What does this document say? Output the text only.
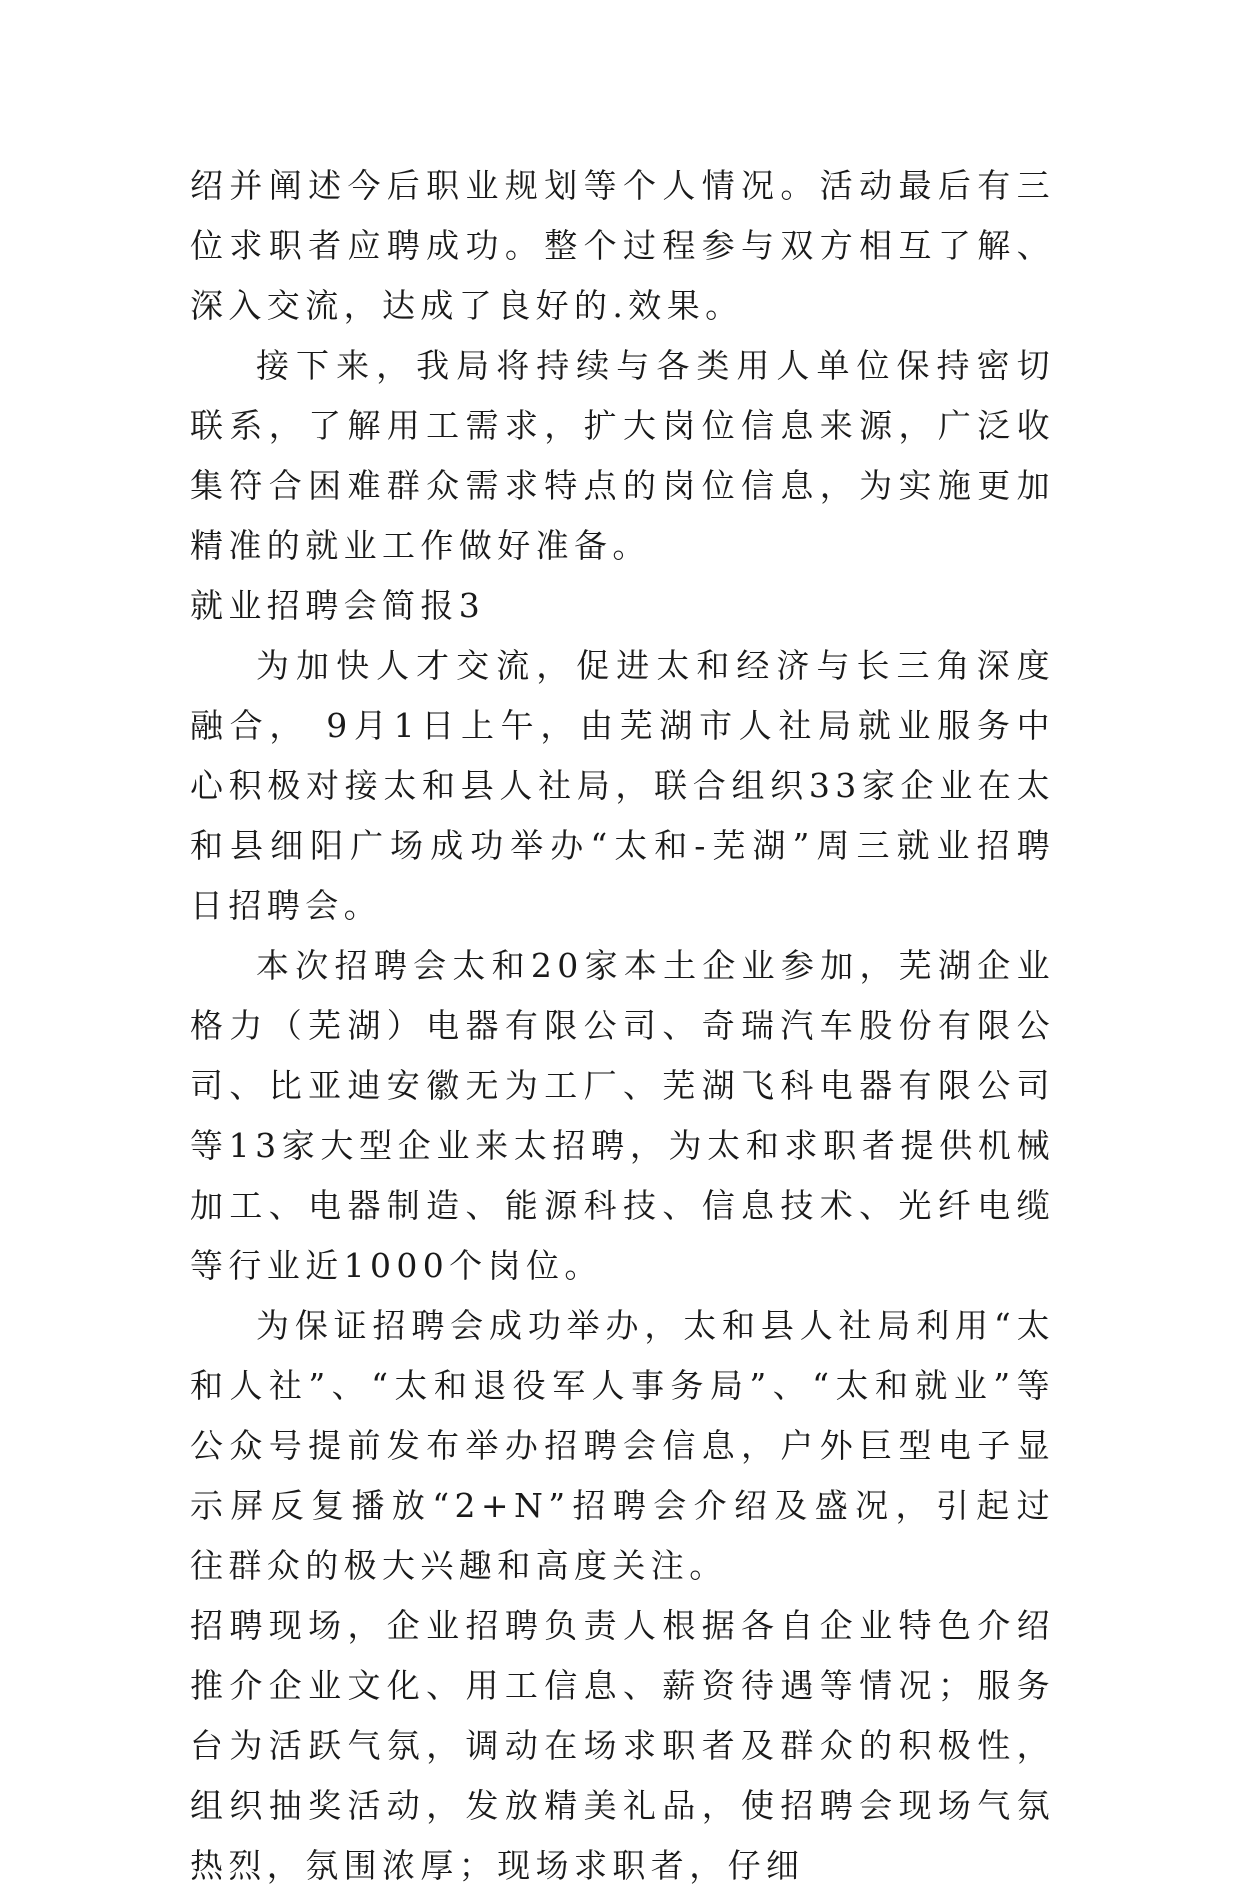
绍并阐述今后职业规划等个人情况。活动最后有三位求职者应聘成功。整个过程参与双方相互了解、深入交流，达成了良好的.效果。

接下来，我局将持续与各类用人单位保持密切联系，了解用工需求，扩大岗位信息来源，广泛收集符合困难群众需求特点的岗位信息，为实施更加精准的就业工作做好准备。

就业招聘会简报3

为加快人才交流，促进太和经济与长三角深度融合， 9月1日上午，由芜湖市人社局就业服务中心积极对接太和县人社局，联合组织33家企业在太和县细阳广场成功举办“太和-芜湖”周三就业招聘日招聘会。

本次招聘会太和20家本土企业参加，芜湖企业格力（芜湖）电器有限公司、奇瑞汽车股份有限公司、比亚迪安徽无为工厂、芜湖飞科电器有限公司等13家大型企业来太招聘，为太和求职者提供机械加工、电器制造、能源科技、信息技术、光纤电缆等行业近1000个岗位。

为保证招聘会成功举办，太和县人社局利用“太和人社”、“太和退役军人事务局”、“太和就业”等公众号提前发布举办招聘会信息，户外巨型电子显示屏反复播放“2+N”招聘会介绍及盛况，引起过往群众的极大兴趣和高度关注。

招聘现场，企业招聘负责人根据各自企业特色介绍推介企业文化、用工信息、薪资待遇等情况；服务台为活跃气氛，调动在场求职者及群众的积极性，组织抽奖活动，发放精美礼品，使招聘会现场气氛热烈，氛围浓厚；现场求职者，仔细
